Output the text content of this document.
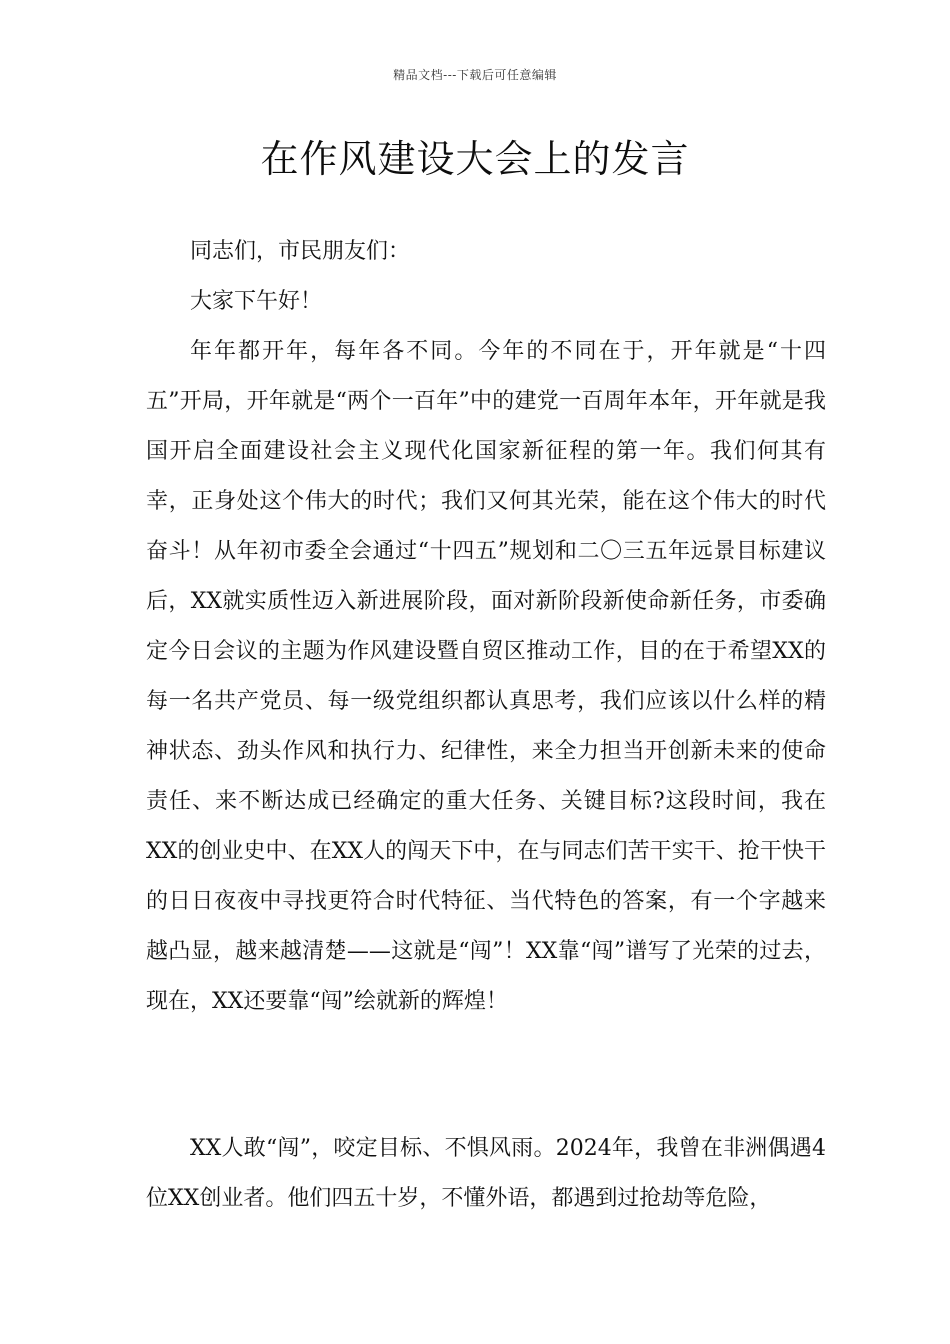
精品文档---下载后可任意编辑
在作风建设大会上的发言

同志们，市民朋友们：

大家下午好！

年年都开年，每年各不同。今年的不同在于，开年就是“十四五”开局，开年就是“两个一百年”中的建党一百周年本年，开年就是我国开启全面建设社会主义现代化国家新征程的第一年。我们何其有幸，正身处这个伟大的时代；我们又何其光荣，能在这个伟大的时代奋斗！从年初市委全会通过“十四五”规划和二〇三五年远景目标建议后，XX就实质性迈入新进展阶段，面对新阶段新使命新任务，市委确定今日会议的主题为作风建设暨自贸区推动工作，目的在于希望XX的每一名共产党员、每一级党组织都认真思考，我们应该以什么样的精神状态、劲头作风和执行力、纪律性，来全力担当开创新未来的使命责任、来不断达成已经确定的重大任务、关键目标?这段时间，我在XX的创业史中、在XX人的闯天下中，在与同志们苦干实干、抢干快干的日日夜夜中寻找更符合时代特征、当代特色的答案，有一个字越来越凸显，越来越清楚——这就是“闯”！XX靠“闯”谱写了光荣的过去，现在，XX还要靠“闯”绘就新的辉煌！

XX人敢“闯”，咬定目标、不惧风雨。2024年，我曾在非洲偶遇4位XX创业者。他们四五十岁，不懂外语，都遇到过抢劫等危险，
